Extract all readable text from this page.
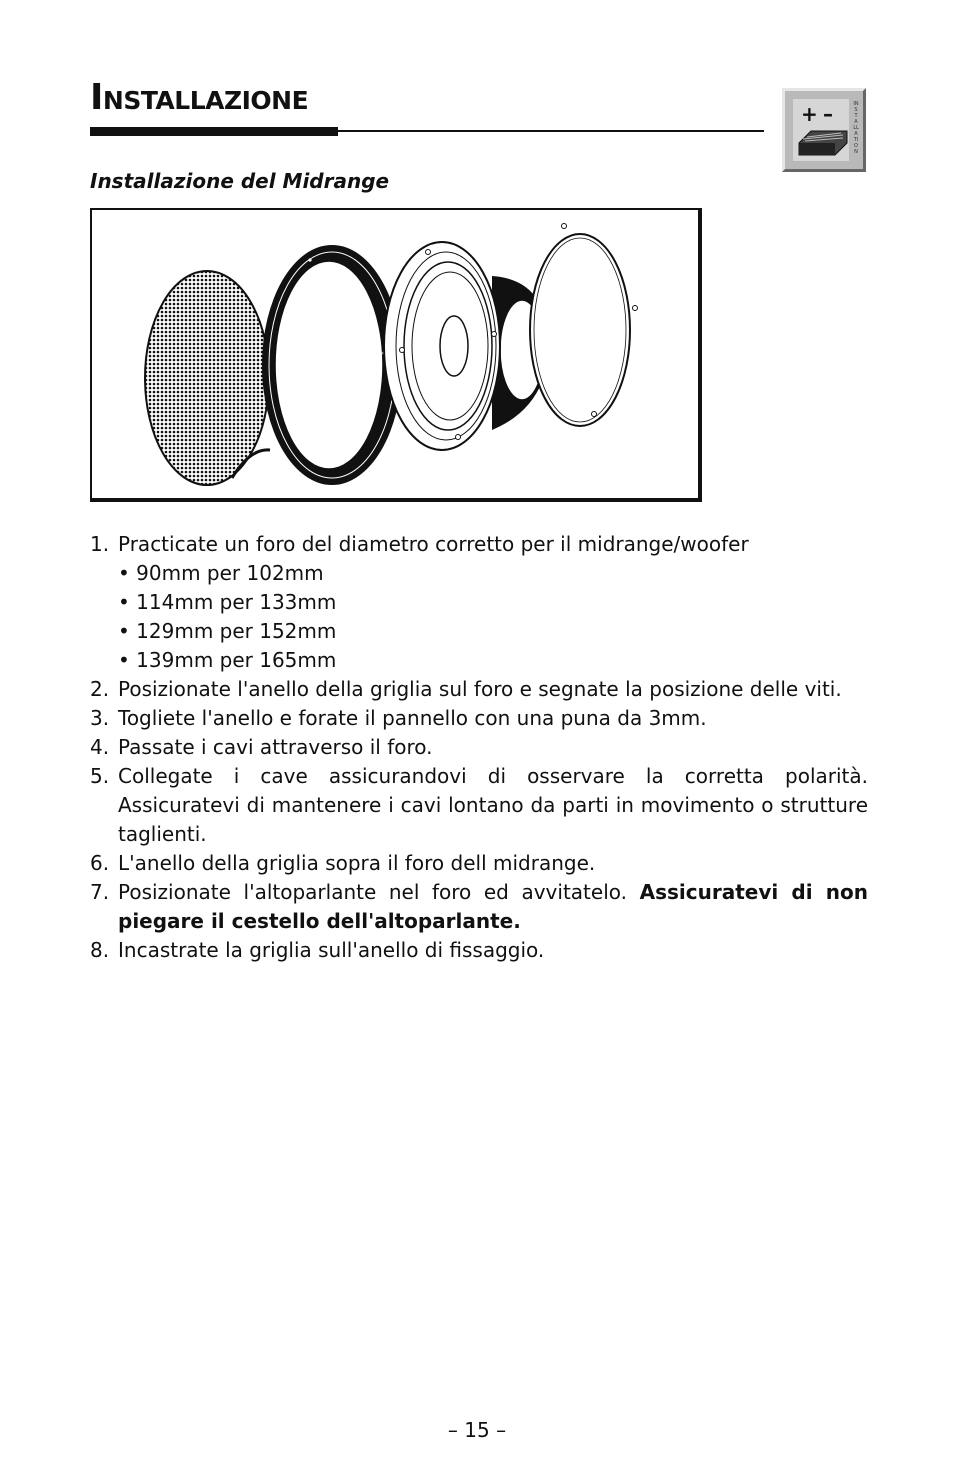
Installazione	+ –	INSTALLATION
Installazione del Midrange
ƒ
1. Practicate un foro del diametro corretto per il midrange/woofer
• 90mm per 102mm
• 114mm per 133mm
• 129mm per 152mm
• 139mm per 165mm
2. Posizionate l'anello della griglia sul foro e segnate la posizione delle viti.
3. Togliete l'anello e forate il pannello con una puna da 3mm.
4. Passate i cavi attraverso il foro.
5. Collegate i cave assicurandovi di osservare la corretta polarità. Assicuratevi di mantenere i cavi lontano da parti in movimento o strutture taglienti.
6. L'anello della griglia sopra il foro dell midrange.
7. Posizionate l'altoparlante nel foro ed avvitatelo. Assicuratevi di non piegare il cestello dell'altoparlante.
8. Incastrate la griglia sull'anello di fissaggio.
– 15 –
